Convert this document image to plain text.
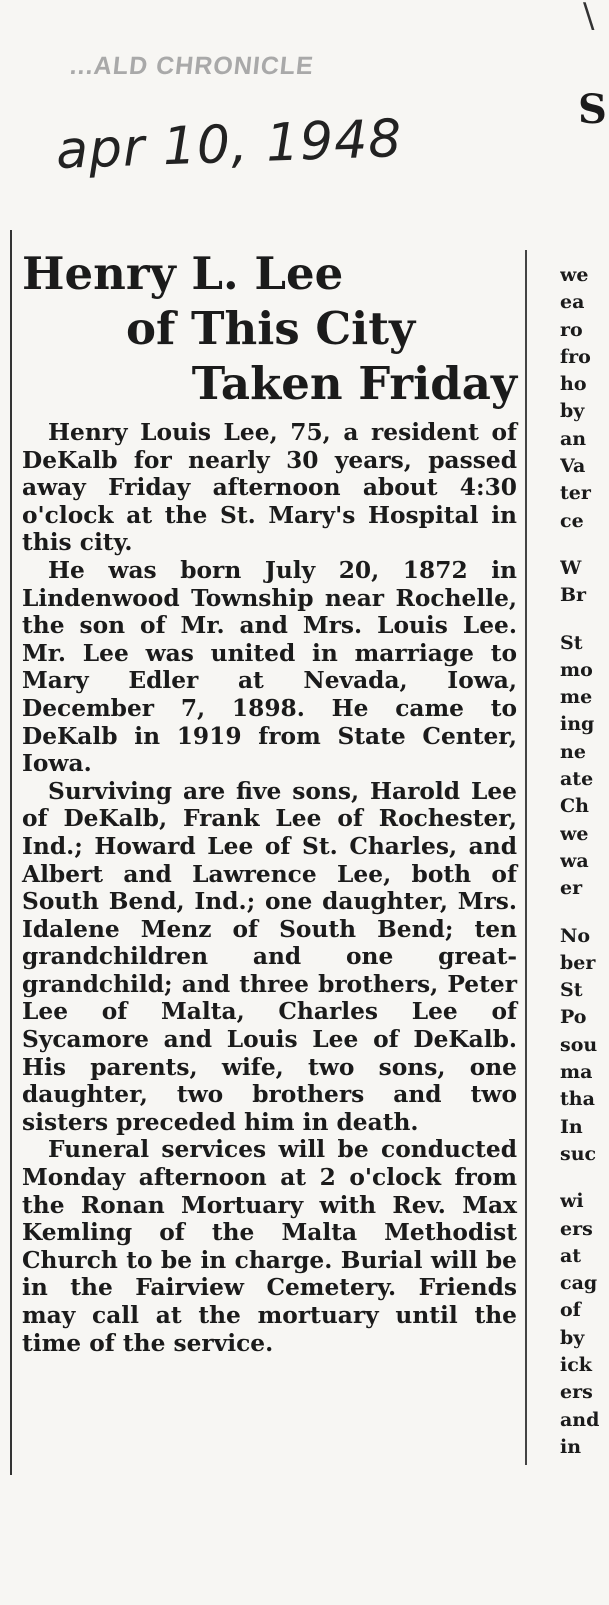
...ALD CHRONICLE
apr 10, 1948
\
S
Henry L. Lee
of This City
Taken Friday

Henry Louis Lee, 75, a resident of DeKalb for nearly 30 years, passed away Friday afternoon about 4:30 o'clock at the St. Mary's Hospital in this city.

He was born July 20, 1872 in Lindenwood Township near Rochelle, the son of Mr. and Mrs. Louis Lee. Mr. Lee was united in marriage to Mary Edler at Nevada, Iowa, December 7, 1898. He came to DeKalb in 1919 from State Center, Iowa.

Surviving are five sons, Harold Lee of DeKalb, Frank Lee of Rochester, Ind.; Howard Lee of St. Charles, and Albert and Lawrence Lee, both of South Bend, Ind.; one daughter, Mrs. Idalene Menz of South Bend; ten grandchildren and one great-grandchild; and three brothers, Peter Lee of Malta, Charles Lee of Sycamore and Louis Lee of DeKalb. His parents, wife, two sons, one daughter, two brothers and two sisters preceded him in death.

Funeral services will be conducted Monday afternoon at 2 o'clock from the Ronan Mortuary with Rev. Max Kemling of the Malta Methodist Church to be in charge. Burial will be in the Fairview Cemetery. Friends may call at the mortuary until the time of the service.

we
ea
ro
fro
ho
by
an
Va
ter
ce
W
Br
St
mo
me
ing
ne
ate
Ch
we
wa
er
No
ber
St
Po
sou
ma
tha
In
suc
wi
ers
at
cag
of
by
ick
ers
and
in
